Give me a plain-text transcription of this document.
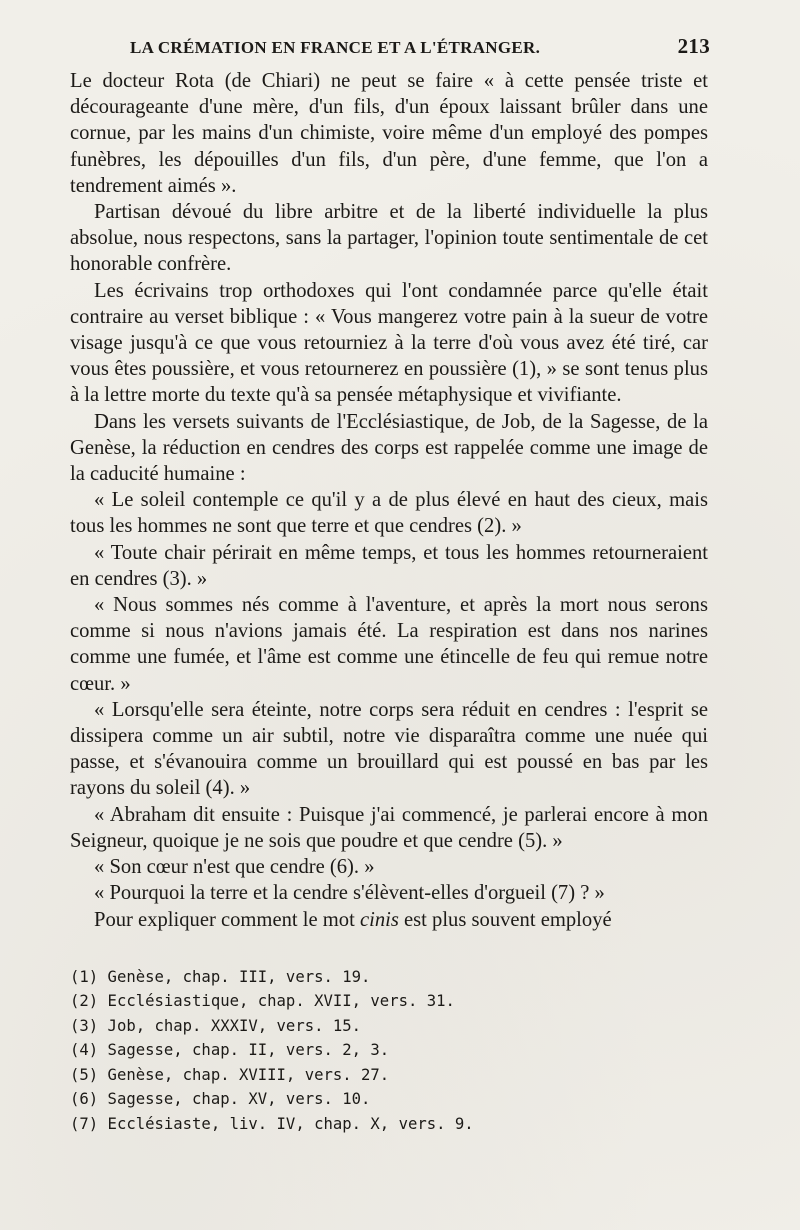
LA CRÉMATION EN FRANCE ET A L'ÉTRANGER.	213

Le docteur Rota (de Chiari) ne peut se faire « à cette pensée triste et décourageante d'une mère, d'un fils, d'un époux laissant brûler dans une cornue, par les mains d'un chimiste, voire même d'un employé des pompes funèbres, les dépouilles d'un fils, d'un père, d'une femme, que l'on a tendrement aimés ».

Partisan dévoué du libre arbitre et de la liberté individuelle la plus absolue, nous respectons, sans la partager, l'opinion toute sentimentale de cet honorable confrère.

Les écrivains trop orthodoxes qui l'ont condamnée parce qu'elle était contraire au verset biblique : « Vous mangerez votre pain à la sueur de votre visage jusqu'à ce que vous retourniez à la terre d'où vous avez été tiré, car vous êtes poussière, et vous retournerez en poussière (1), » se sont tenus plus à la lettre morte du texte qu'à sa pensée métaphysique et vivifiante.

Dans les versets suivants de l'Ecclésiastique, de Job, de la Sagesse, de la Genèse, la réduction en cendres des corps est rappelée comme une image de la caducité humaine :

« Le soleil contemple ce qu'il y a de plus élevé en haut des cieux, mais tous les hommes ne sont que terre et que cendres (2). »

« Toute chair périrait en même temps, et tous les hommes retourneraient en cendres (3). »

« Nous sommes nés comme à l'aventure, et après la mort nous serons comme si nous n'avions jamais été. La respiration est dans nos narines comme une fumée, et l'âme est comme une étincelle de feu qui remue notre cœur. »

« Lorsqu'elle sera éteinte, notre corps sera réduit en cendres : l'esprit se dissipera comme un air subtil, notre vie disparaîtra comme une nuée qui passe, et s'évanouira comme un brouillard qui est poussé en bas par les rayons du soleil (4). »

« Abraham dit ensuite : Puisque j'ai commencé, je parlerai encore à mon Seigneur, quoique je ne sois que poudre et que cendre (5). »

« Son cœur n'est que cendre (6). »

« Pourquoi la terre et la cendre s'élèvent-elles d'orgueil (7) ? »

Pour expliquer comment le mot cinis est plus souvent employé

(1) Genèse, chap. III, vers. 19.
(2) Ecclésiastique, chap. XVII, vers. 31.
(3) Job, chap. XXXIV, vers. 15.
(4) Sagesse, chap. II, vers. 2, 3.
(5) Genèse, chap. XVIII, vers. 27.
(6) Sagesse, chap. XV, vers. 10.
(7) Ecclésiaste, liv. IV, chap. X, vers. 9.
